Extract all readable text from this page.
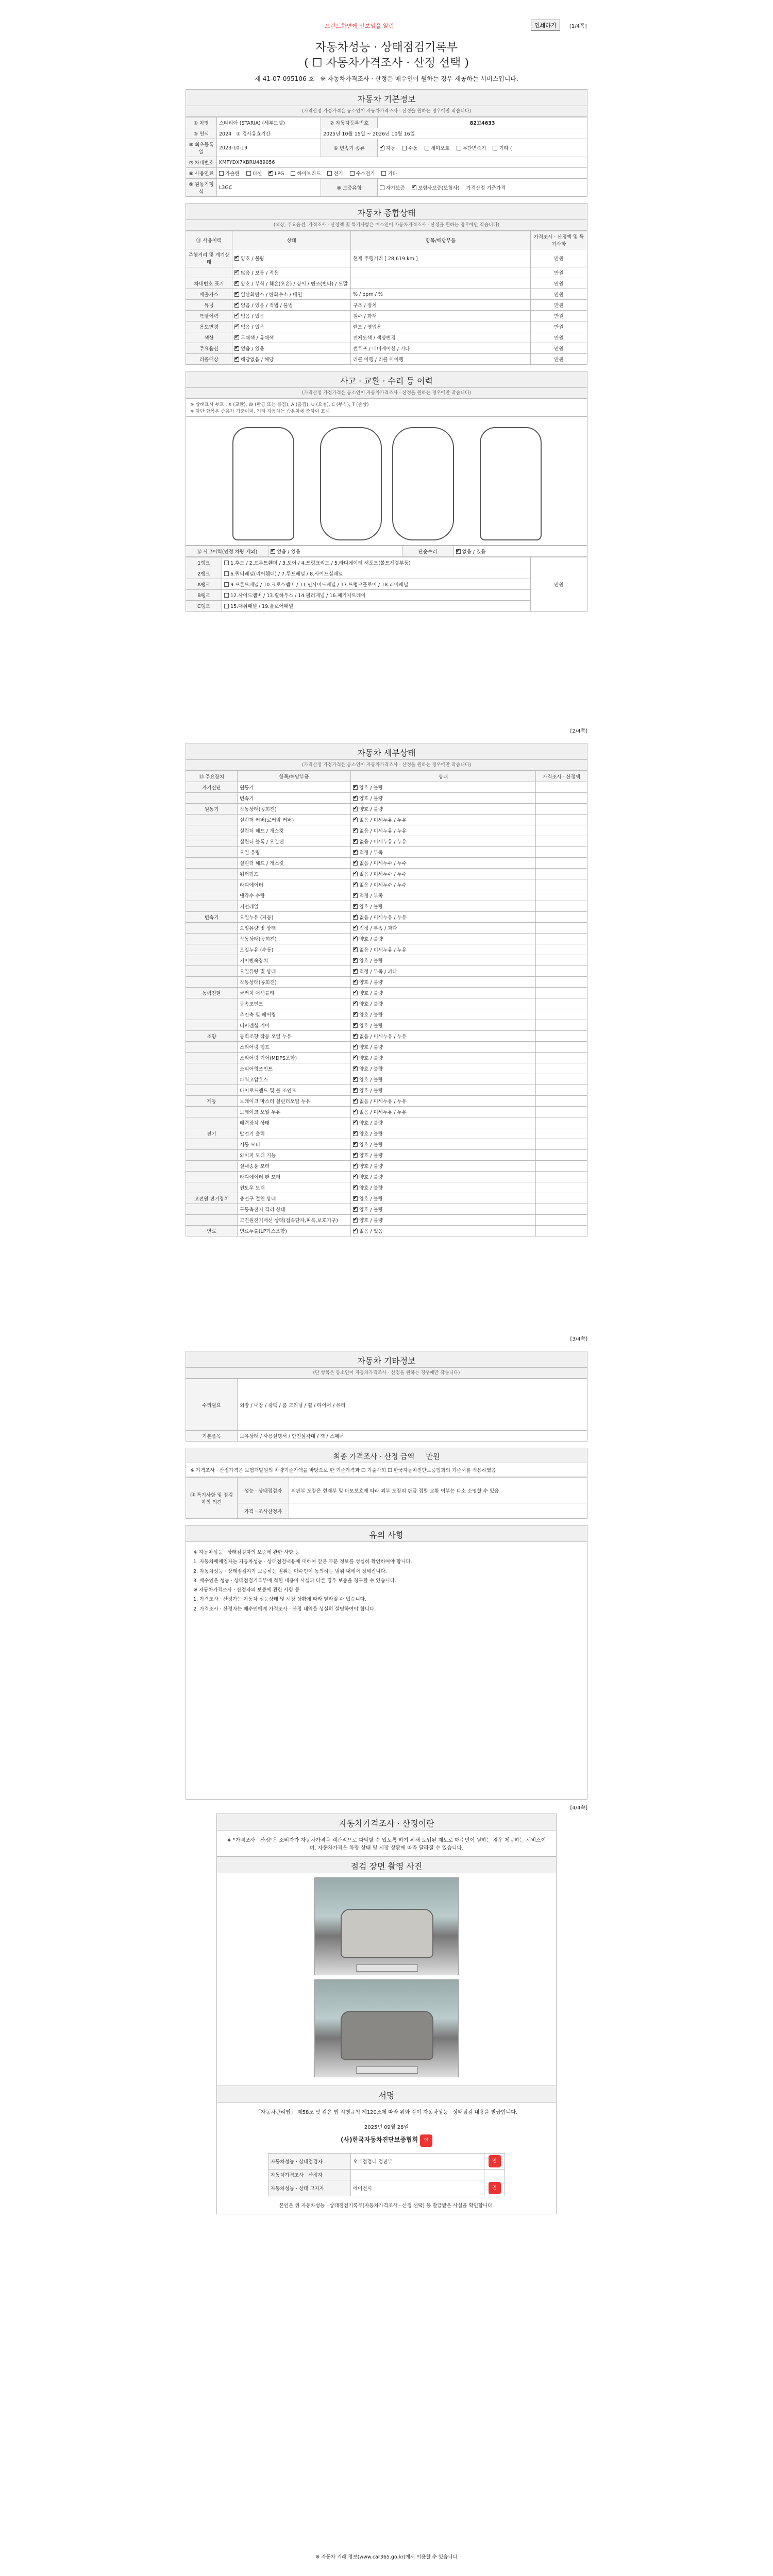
프린트화면에 안보임을 알림	인쇄하기	[1/4쪽]
자동차성능 · 상태점검기록부
( ☐ 자동차가격조사 · 산정 선택 )
제 41-07-095106 호 ※ 자동차가격조사 · 산정은 매수인이 원하는 경우 제공하는 서비스입니다.
자동차 기본정보
(가격산정 가정가격은 동소인이 자동차가격조사 · 산정을 원하는 경우에만 작습니다)
① 차명	스타리아 (STARIA) (세부모델)	② 자동차등록번호	82고4633
③ 연식	2024 ④ 검사유효기간	2025년 10월 15일 ~ 2026년 10월 16일	
⑤ 최초등록일	2023-10-19	⑥ 변속기 종류	✔자동 수동 세미오토 무단변속기 기타 (
⑦ 차대번호	KMFYDX7XBRU489056		
⑧ 사용연료	가솔린 디젤 ✔ LPG 하이브리드 전기 수소전기 기타
⑨ 원동기형식	L3GC	⑩ 보증유형	자가보증 ✔ 보험사보증(보험사) 가격산정 기준가격
자동차 종합상태
(색상, 주요옵션, 가격조사 · 산정액 및 특기사항은 매소인이 자동차가격조사 · 산정을 원하는 경우에만 작습니다)
⑪ 사용이력	상태	항목/해당부품	가격조사 · 산정액 및 특기사항
주행거리 및 계기상태	✔양호 / 불량	현재 주행거리 [ 28,619 km ]	만원
	✔많음 / 보통 / 적음		만원
차대번호 표기	✔양호 / 부식 / 훼손(오손) / 상이 / 변조(변타) / 도말		만원
배출가스	✔일산화탄소 / 탄화수소 / 매연	% / ppm / %	만원
튜닝	✔없음 / 있음 / 적법 / 불법	구조 / 장치	만원
특별이력	✔없음 / 있음	침수 / 화재	만원
용도변경	✔없음 / 있음	렌트 / 영업용	만원
색상	✔무채색 / 유채색	전체도색 / 색상변경	만원
주요옵션	✔없음 / 있음	썬루프 / 네비게이션 / 기타	만원
리콜대상	✔해당없음 / 해당	리콜 이행 / 리콜 미이행	만원
사고 · 교환 · 수리 등 이력
(가격산정 가정가격은 동소인이 자동차가격조사 · 산정을 원하는 경우에만 작습니다)
※ 상태표시 부호 : X (교환), W (판금 또는 용접), A (흠집), U (요철), C (부식), T (손상)
※ 하단 항목은 승용차 기준이며, 기타 자동차는 승용차에 준하여 표시
⑫ 사고이력(인정 차량 제외)	✔없음 / 있음	단순수리	✔없음 / 있음
1랭크	1.후드 / 2.프론트휀더 / 3.도어 / 4.트렁크리드 / 5.라디에이터 서포트(볼트체결부품)	만원
2랭크	6.쿼터패널(리어휀더) / 7.루프패널 / 8.사이드실패널	
A랭크	9.프론트패널 / 10.크로스멤버 / 11.인사이드패널 / 17.트렁크플로어 / 18.리어패널	
B랭크	12.사이드멤버 / 13.휠하우스 / 14.필러패널 / 16.패키지트레이	
C랭크	15.대쉬패널 / 19.플로어패널	
[2/4쪽]
자동차 세부상태
(가격산정 가정가격은 동소인이 자동차가격조사 · 산정을 원하는 경우에만 작습니다)
⑬ 주요장치	항목/해당부품	상태	가격조사 · 산정액
자기진단	원동기	✔양호 / 불량	
	변속기	✔양호 / 불량	
원동기	작동상태(공회전)	✔양호 / 불량	
	실린더 커버(로커암 커버)	✔없음 / 미세누유 / 누유	
	실린더 헤드 / 개스킷	✔없음 / 미세누유 / 누유	
	실린더 블록 / 오일팬	✔없음 / 미세누유 / 누유	
	오일 유량	✔적정 / 부족	
	실린더 헤드 / 개스킷	✔없음 / 미세누수 / 누수	
	워터펌프	✔없음 / 미세누수 / 누수	
	라디에이터	✔없음 / 미세누수 / 누수	
	냉각수 수량	✔적정 / 부족	
	커먼레일	✔양호 / 불량	
변속기	오일누유 (자동)	✔없음 / 미세누유 / 누유	
	오일유량 및 상태	✔적정 / 부족 / 과다	
	작동상태(공회전)	✔양호 / 불량	
	오일누유 (수동)	✔없음 / 미세누유 / 누유	
	기어변속장치	✔양호 / 불량	
	오일유량 및 상태	✔적정 / 부족 / 과다	
	작동상태(공회전)	✔양호 / 불량	
동력전달	클러치 어셈블리	✔양호 / 불량	
	등속조인트	✔양호 / 불량	
	추진축 및 베어링	✔양호 / 불량	
	디퍼렌셜 기어	✔양호 / 불량	
조향	동력조향 작동 오일 누유	✔없음 / 미세누유 / 누유	
	스티어링 펌프	✔양호 / 불량	
	스티어링 기어(MDPS포함)	✔양호 / 불량	
	스티어링조인트	✔양호 / 불량	
	파워고압호스	✔양호 / 불량	
	타이로드엔드 및 볼 조인트	✔양호 / 불량	
제동	브레이크 마스터 실린더오일 누유	✔없음 / 미세누유 / 누유	
	브레이크 오일 누유	✔없음 / 미세누유 / 누유	
	배력장치 상태	✔양호 / 불량	
전기	발전기 출력	✔양호 / 불량	
	시동 모터	✔양호 / 불량	
	와이퍼 모터 기능	✔양호 / 불량	
	실내송풍 모터	✔양호 / 불량	
	라디에이터 팬 모터	✔양호 / 불량	
	윈도우 모터	✔양호 / 불량	
고전원 전기장치	충전구 절연 상태	✔양호 / 불량	
	구동축전지 격리 상태	✔양호 / 불량	
	고전원전기배선 상태(접속단자,피복,보호기구)	✔양호 / 불량	
연료	연료누출(LP가스포함)	✔없음 / 있음	
[3/4쪽]
자동차 기타정보
(단 항목은 동소인이 자동차가격조사 · 산정을 원하는 경우에만 작습니다)
수리필요	외장 / 내장 / 광택 / 룸 크리닝 / 휠 / 타이어 / 유리
기본품목	보유상태 / 사용설명서 / 안전삼각대 / 잭 / 스패너
최종 가격조사 · 산정 금액 만원
※ 가격조사 · 산정가격은 보험개발원의 차량기준가액을 바탕으로 한 기준가격과 ☐ 기술사회 ☐ 한국자동차진단보증협회의 기준서를 적용하였음
⑭ 특기사항 및 점검자의 의견	성능 · 상태점검자	외판부 도장은 현재부 및 마모보호에 따라 외부 도장의 판금 접합 교환 여부는 다소 소명할 수 있음
	가격 · 조사산정자	
유의 사항
※ 자동차성능 · 상태점검자의 보증에 관한 사항 등
1. 자동차매매업자는 자동차성능 · 상태점검내용에 대하여 같은 부분 정보를 성실히 확인하여야 합니다.
2. 자동차성능 · 상태점검자가 보증하는 범위는 매수인이 동의하는 범위 내에서 정해집니다.
3. 매수인은 성능 · 상태점검기록부에 적힌 내용이 사실과 다른 경우 보증을 청구할 수 있습니다.
※ 자동차가격조사 · 산정자의 보증에 관한 사항 등
1. 가격조사 · 산정가는 자동차 성능상태 및 시장 상황에 따라 달라질 수 있습니다.
2. 가격조사 · 산정자는 매수인에게 가격조사 · 산정 내역을 성실히 설명하여야 합니다.
[4/4쪽]
자동차가격조사 · 산정이란
※ "가격조사 · 산정"은 소비자가 자동차가격을 객관적으로 파악할 수 있도록 하기 위해 도입된 제도로 매수인이 원하는 경우 제공하는 서비스이며, 자동차가격은 차량 상태 및 시장 상황에 따라 달라질 수 있습니다.
점검 장면 촬영 사진
서명
「자동차관리법」 제58조 및 같은 법 시행규칙 제120조에 따라 위와 같이 자동차성능 · 상태점검 내용을 발급합니다.
2025년 09월 28일
(사)한국자동차진단보증협회 인
자동차성능 · 상태점검자	오토점검터 검진부	인
자동차가격조사 · 산정자		
자동차성능 · 상태 고지자	에이전시	인
본인은 위 자동차성능 · 상태점검기록부(자동차가격조사 · 산정 선택) 등 발급받은 사실을 확인합니다.
※ 자동차 거래 정보(www.car365.go.kr)에서 이용할 수 있습니다
